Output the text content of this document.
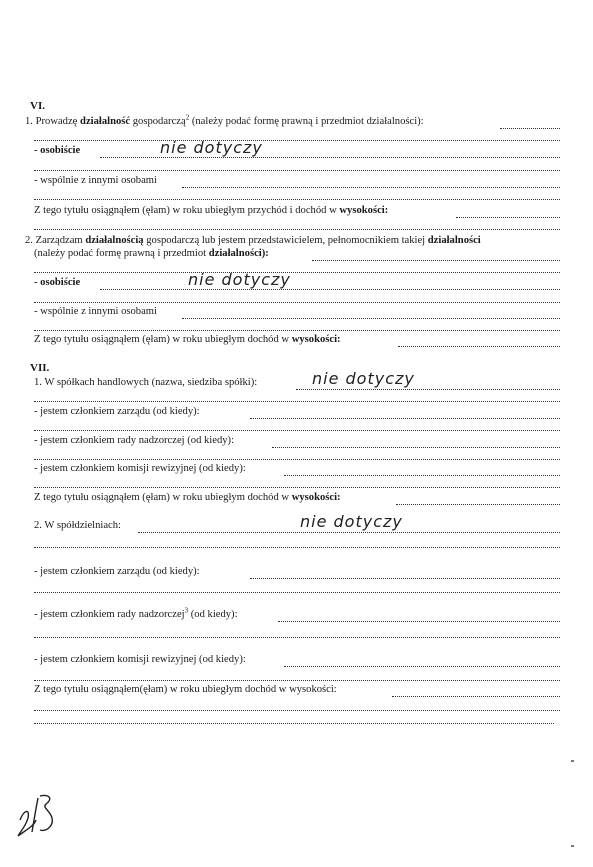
VI.
1. Prowadzę działalność gospodarczą$^2$ (należy podać formę prawną i przedmiot działalności):
- osobiście	nie dotyczy
- wspólnie z innymi osobami
Z tego tytułu osiągnąłem (ęłam) w roku ubiegłym przychód i dochód w wysokości:
2. Zarządzam działalnością gospodarczą lub jestem przedstawicielem, pełnomocnikiem takiej działalności
(należy podać formę prawną i przedmiot działalności):
- osobiście	nie dotyczy
- wspólnie z innymi osobami
Z tego tytułu osiągnąłem (ęłam) w roku ubiegłym dochód w wysokości:
VII.
1. W spółkach handlowych (nazwa, siedziba spółki):	nie dotyczy
- jestem członkiem zarządu (od kiedy):
- jestem członkiem rady nadzorczej (od kiedy):
- jestem członkiem komisji rewizyjnej (od kiedy):
Z tego tytułu osiągnąłem (ęłam) w roku ubiegłym dochód w wysokości:
2. W spółdzielniach:	nie dotyczy
- jestem członkiem zarządu (od kiedy):
- jestem członkiem rady nadzorczej$^3$ (od kiedy):
- jestem członkiem komisji rewizyjnej (od kiedy):
Z tego tytułu osiągnąłem(ęłam) w roku ubiegłym dochód w wysokości:
